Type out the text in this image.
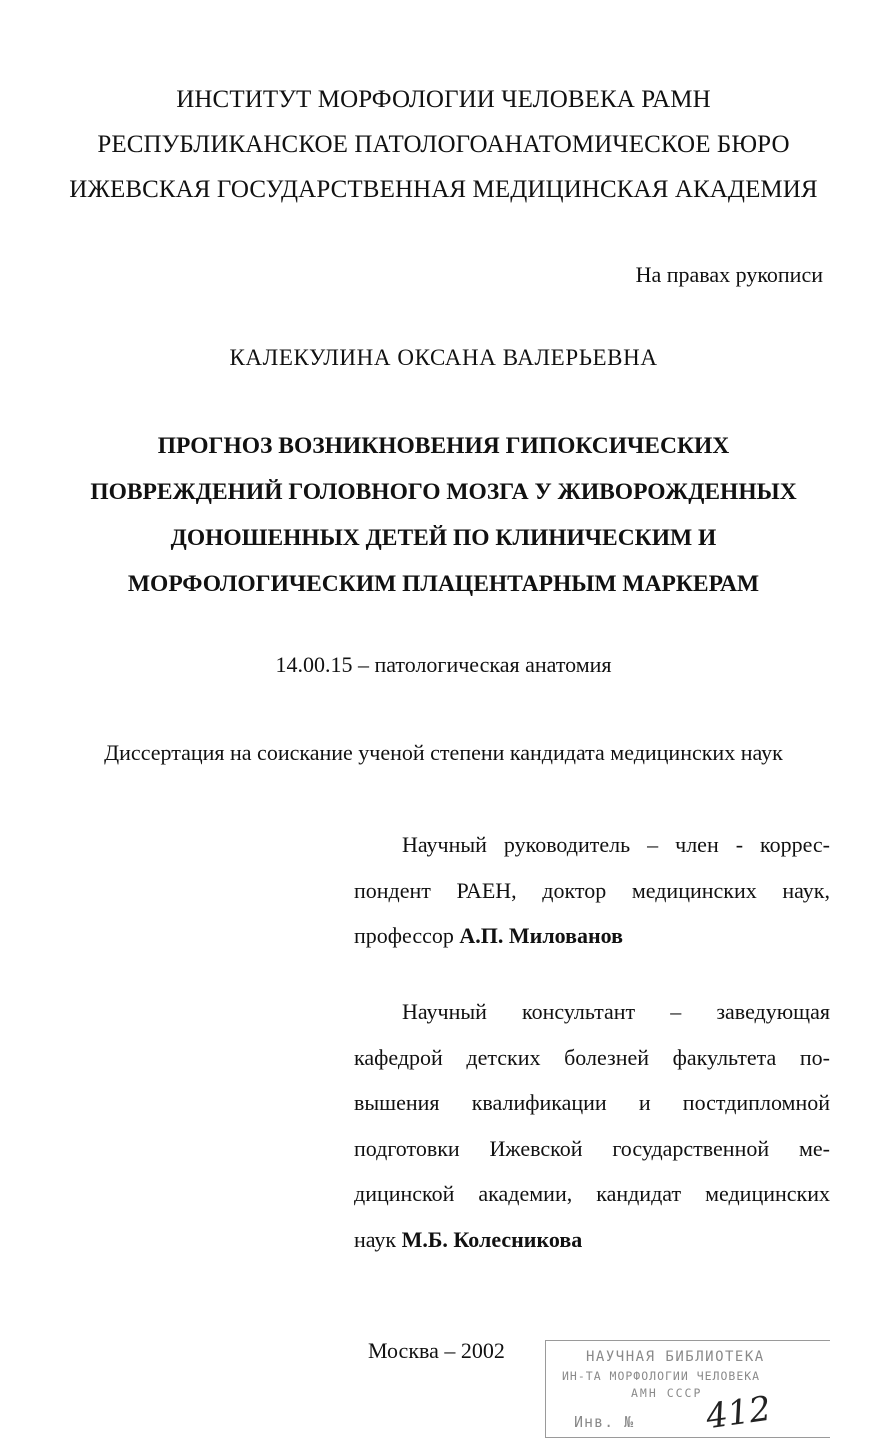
ИНСТИТУТ МОРФОЛОГИИ ЧЕЛОВЕКА РАМН
РЕСПУБЛИКАНСКОЕ ПАТОЛОГОАНАТОМИЧЕСКОЕ БЮРО
ИЖЕВСКАЯ ГОСУДАРСТВЕННАЯ МЕДИЦИНСКАЯ АКАДЕМИЯ
На правах рукописи
КАЛЕКУЛИНА ОКСАНА ВАЛЕРЬЕВНА
ПРОГНОЗ ВОЗНИКНОВЕНИЯ ГИПОКСИЧЕСКИХ
ПОВРЕЖДЕНИЙ ГОЛОВНОГО МОЗГА У ЖИВОРОЖДЕННЫХ
ДОНОШЕННЫХ ДЕТЕЙ ПО КЛИНИЧЕСКИМ И
МОРФОЛОГИЧЕСКИМ ПЛАЦЕНТАРНЫМ МАРКЕРАМ
14.00.15 – патологическая анатомия
Диссертация на соискание ученой степени кандидата медицинских наук
Научный руководитель – член - коррес-
пондент РАЕН, доктор медицинских наук,
профессор А.П. Милованов
Научный консультант – заведующая
кафедрой детских болезней факультета по-
вышения квалификации и постдипломной
подготовки Ижевской государственной ме-
дицинской академии, кандидат медицинских
наук М.Б. Колесникова
Москва – 2002	НАУЧНАЯ БИБЛИОТЕКА
ИН-ТА МОРФОЛОГИИ ЧЕЛОВЕКА
АМН СССР
Инв. № 412
